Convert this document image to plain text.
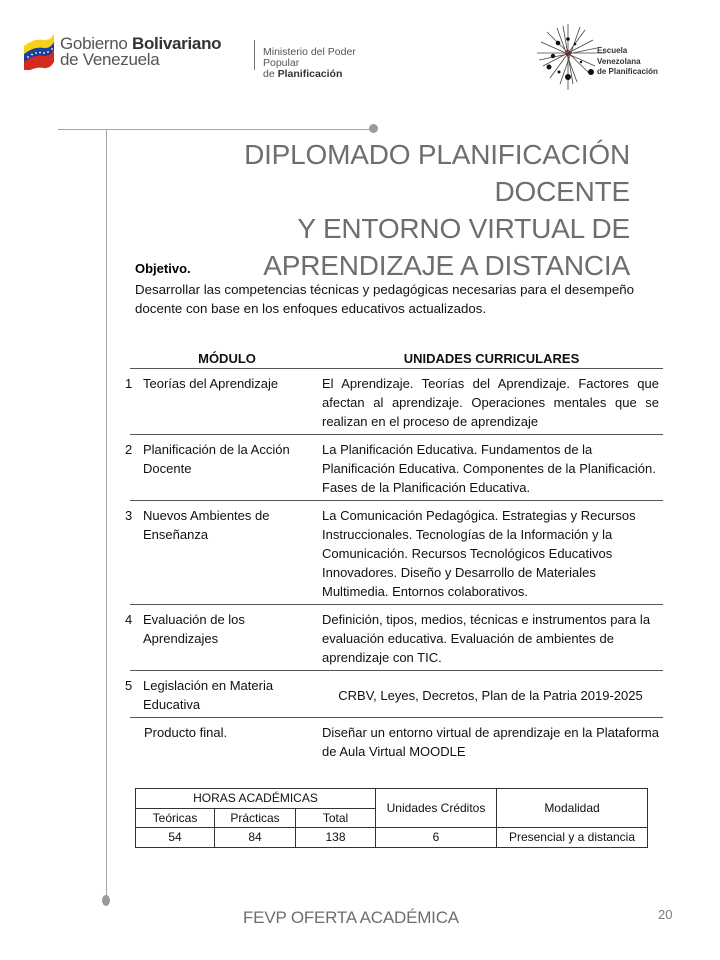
Gobierno Bolivariano
de Venezuela	Ministerio del Poder Popular
de Planificación
Escuela
Venezolana
de Planificación
DIPLOMADO PLANIFICACIÓN DOCENTE
Y ENTORNO VIRTUAL DE
APRENDIZAJE A DISTANCIA
Objetivo.

Desarrollar las competencias técnicas y pedagógicas necesarias para el desempeño docente con base en los enfoques educativos actualizados.

MÓDULO	UNIDADES CURRICULARES
1 Teorías del Aprendizaje	El Aprendizaje. Teorías del Aprendizaje. Factores que afectan al aprendizaje. Operaciones mentales que se realizan en el proceso de aprendizaje
2 Planificación de la Acción Docente	La Planificación Educativa. Fundamentos de la Planificación Educativa. Componentes de la Planificación. Fases de la Planificación Educativa.
3 Nuevos Ambientes de Enseñanza	La Comunicación Pedagógica. Estrategias y Recursos Instruccionales. Tecnologías de la Información y la Comunicación. Recursos Tecnológicos Educativos Innovadores. Diseño y Desarrollo de Materiales Multimedia. Entornos colaborativos.
4 Evaluación de los Aprendizajes	Definición, tipos, medios, técnicas e instrumentos para la evaluación educativa. Evaluación de ambientes de aprendizaje con TIC.
5 Legislación en Materia Educativa	CRBV, Leyes, Decretos, Plan de la Patria 2019-2025
Producto final.	Diseñar un entorno virtual de aprendizaje en la Plataforma de Aula Virtual MOODLE
HORAS ACADÉMICAS			Unidades Créditos	Modalidad
Teóricas	Prácticas	Total		
54	84	138	6	Presencial y a distancia
FEVP OFERTA ACADÉMICA	20
